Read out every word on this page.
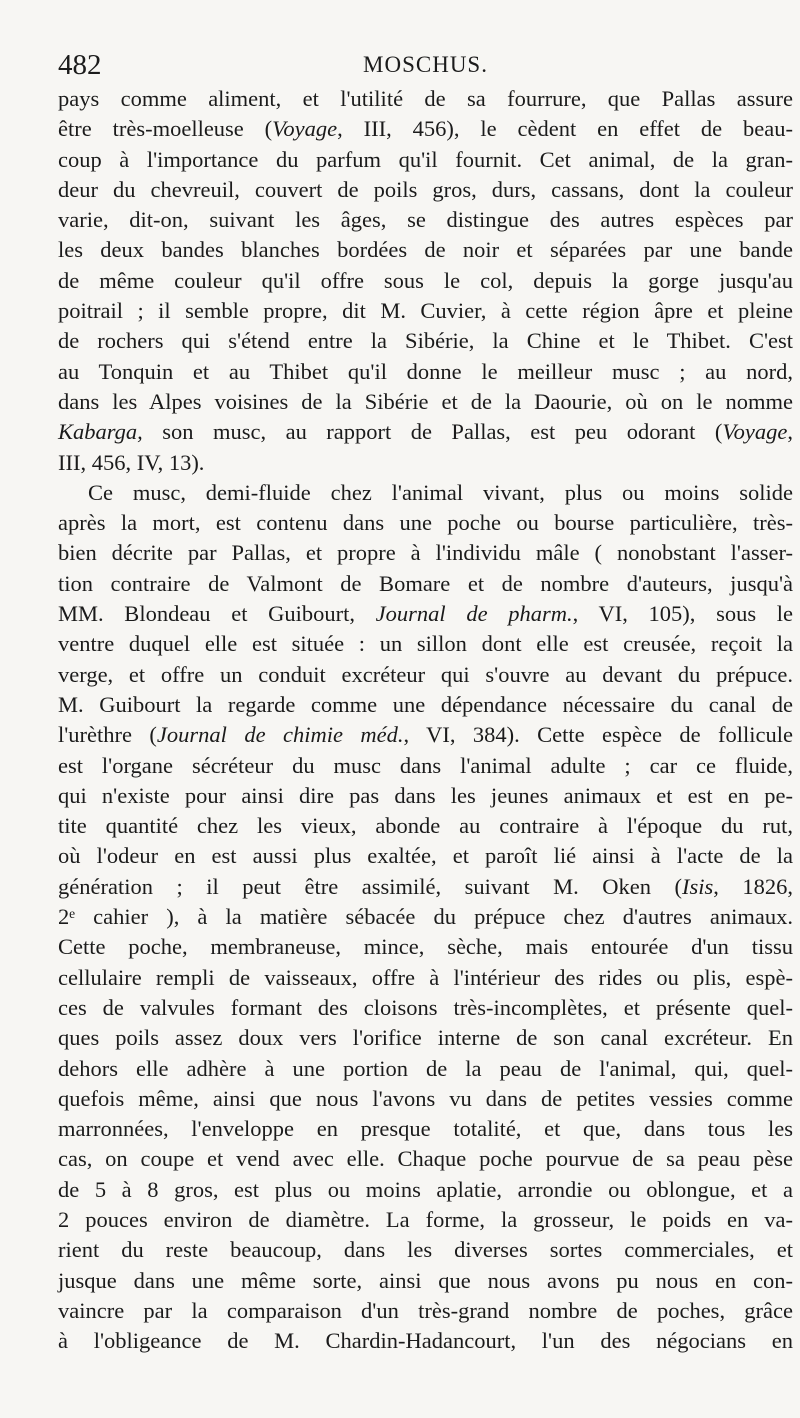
482	MOSCHUS.
pays comme aliment, et l'utilité de sa fourrure, que Pallas assure
être très-moelleuse (Voyage, III, 456), le cèdent en effet de beau-
coup à l'importance du parfum qu'il fournit. Cet animal, de la gran-
deur du chevreuil, couvert de poils gros, durs, cassans, dont la couleur
varie, dit-on, suivant les âges, se distingue des autres espèces par
les deux bandes blanches bordées de noir et séparées par une bande
de même couleur qu'il offre sous le col, depuis la gorge jusqu'au
poitrail ; il semble propre, dit M. Cuvier, à cette région âpre et pleine
de rochers qui s'étend entre la Sibérie, la Chine et le Thibet. C'est
au Tonquin et au Thibet qu'il donne le meilleur musc ; au nord,
dans les Alpes voisines de la Sibérie et de la Daourie, où on le nomme
Kabarga, son musc, au rapport de Pallas, est peu odorant (Voyage,
III, 456, IV, 13).
Ce musc, demi-fluide chez l'animal vivant, plus ou moins solide
après la mort, est contenu dans une poche ou bourse particulière, très-
bien décrite par Pallas, et propre à l'individu mâle ( nonobstant l'asser-
tion contraire de Valmont de Bomare et de nombre d'auteurs, jusqu'à
MM. Blondeau et Guibourt, Journal de pharm., VI, 105), sous le
ventre duquel elle est située : un sillon dont elle est creusée, reçoit la
verge, et offre un conduit excréteur qui s'ouvre au devant du prépuce.
M. Guibourt la regarde comme une dépendance nécessaire du canal de
l'urèthre (Journal de chimie méd., VI, 384). Cette espèce de follicule
est l'organe sécréteur du musc dans l'animal adulte ; car ce fluide,
qui n'existe pour ainsi dire pas dans les jeunes animaux et est en pe-
tite quantité chez les vieux, abonde au contraire à l'époque du rut,
où l'odeur en est aussi plus exaltée, et paroît lié ainsi à l'acte de la
génération ; il peut être assimilé, suivant M. Oken (Isis, 1826,
2ᵉ cahier ), à la matière sébacée du prépuce chez d'autres animaux.
Cette poche, membraneuse, mince, sèche, mais entourée d'un tissu
cellulaire rempli de vaisseaux, offre à l'intérieur des rides ou plis, espè-
ces de valvules formant des cloisons très-incomplètes, et présente quel-
ques poils assez doux vers l'orifice interne de son canal excréteur. En
dehors elle adhère à une portion de la peau de l'animal, qui, quel-
quefois même, ainsi que nous l'avons vu dans de petites vessies comme
marronnées, l'enveloppe en presque totalité, et que, dans tous les
cas, on coupe et vend avec elle. Chaque poche pourvue de sa peau pèse
de 5 à 8 gros, est plus ou moins aplatie, arrondie ou oblongue, et a
2 pouces environ de diamètre. La forme, la grosseur, le poids en va-
rient du reste beaucoup, dans les diverses sortes commerciales, et
jusque dans une même sorte, ainsi que nous avons pu nous en con-
vaincre par la comparaison d'un très-grand nombre de poches, grâce
à l'obligeance de M. Chardin-Hadancourt, l'un des négocians en
